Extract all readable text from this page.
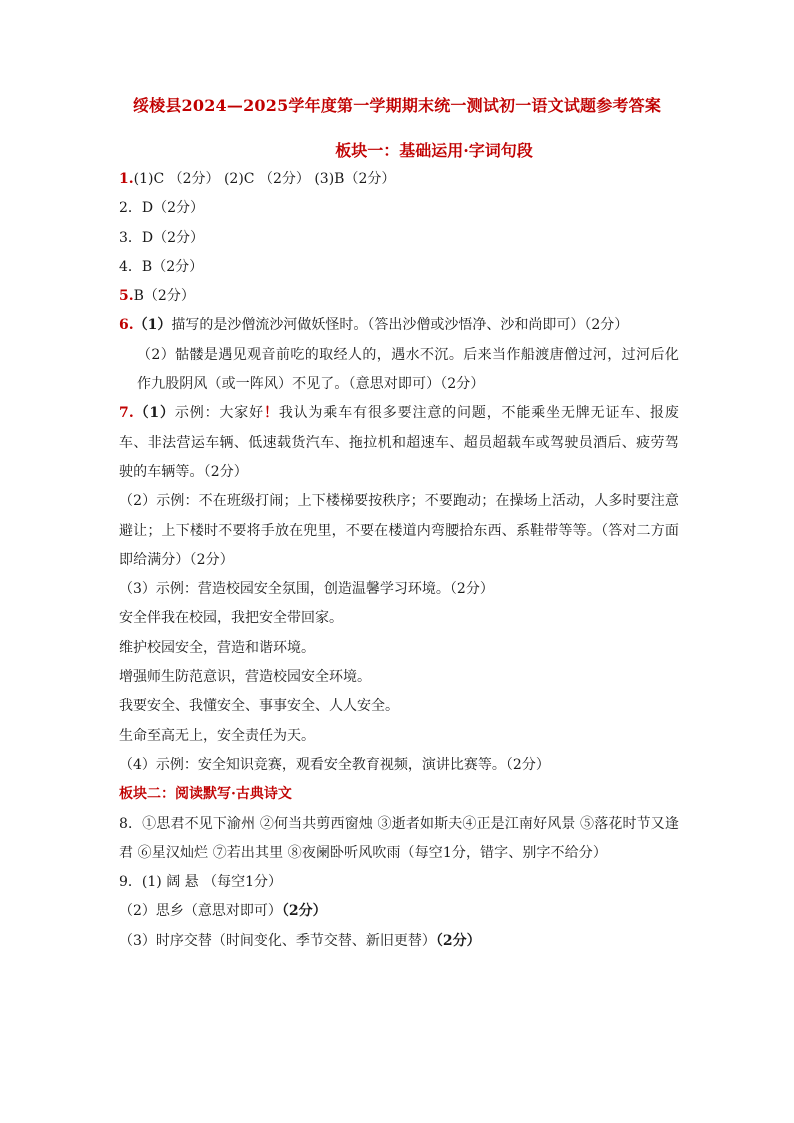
绥棱县2024—2025学年度第一学期期末统一测试初一语文试题参考答案
板块一：基础运用·字词句段
1.(1)C （2分） (2)C （2分） (3)B（2分）
2．D（2分）
3．D（2分）
4．B（2分）
5.B（2分）
6.（1）描写的是沙僧流沙河做妖怪时。（答出沙僧或沙悟净、沙和尚即可）（2分）
（2）骷髅是遇见观音前吃的取经人的，遇水不沉。后来当作船渡唐僧过河，过河后化作九股阴风（或一阵风）不见了。（意思对即可）（2分）
7.（1）示例：大家好！我认为乘车有很多要注意的问题，不能乘坐无牌无证车、报废车、非法营运车辆、低速载货汽车、拖拉机和超速车、超员超载车或驾驶员酒后、疲劳驾驶的车辆等。（2分）
（2）示例：不在班级打闹；上下楼梯要按秩序；不要跑动；在操场上活动，人多时要注意避让；上下楼时不要将手放在兜里，不要在楼道内弯腰拾东西、系鞋带等等。（答对二方面即给满分）（2分）
（3）示例：营造校园安全氛围，创造温馨学习环境。（2分）
安全伴我在校园，我把安全带回家。
维护校园安全，营造和谐环境。
增强师生防范意识，营造校园安全环境。
我要安全、我懂安全、事事安全、人人安全。
生命至高无上，安全责任为天。
（4）示例：安全知识竞赛，观看安全教育视频，演讲比赛等。（2分）
板块二：阅读默写·古典诗文
8．①思君不见下渝州 ②何当共剪西窗烛 ③逝者如斯夫④正是江南好风景 ⑤落花时节又逢君 ⑥星汉灿烂 ⑦若出其里 ⑧夜阑卧听风吹雨（每空1分，错字、别字不给分）
9．(1) 阔 悬 （每空1分）
（2）思乡（意思对即可）（2分）
（3）时序交替（时间变化、季节交替、新旧更替）（2分）
